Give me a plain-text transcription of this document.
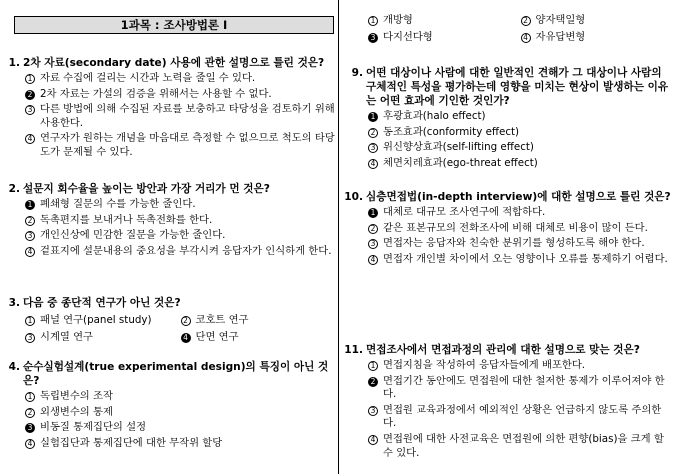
1과목 : 조사방법론 I
1. 2차 자료(secondary date) 사용에 관한 설명으로 틀린 것은?
1 자료 수집에 걸리는 시간과 노력을 줄일 수 있다.
2 2차 자료는 가설의 검증을 위해서는 사용할 수 없다.
3 다른 방법에 의해 수집된 자료를 보충하고 타당성을 검토하기 위해 사용한다.
4 연구자가 원하는 개념을 마음대로 측정할 수 없으므로 척도의 타당도가 문제될 수 있다.
2. 설문지 회수율을 높이는 방안과 가장 거리가 먼 것은?
1 폐쇄형 질문의 수를 가능한 줄인다.
2 독촉편지를 보내거나 독촉전화를 한다.
3 개인신상에 민감한 질문을 가능한 줄인다.
4 겉표지에 설문내용의 중요성을 부각시켜 응답자가 인식하게 한다.
3. 다음 중 종단적 연구가 아닌 것은?
1 패널 연구(panel study)	2 코호트 연구
3 시계열 연구	4 단면 연구
4. 순수실험설계(true experimental design)의 특징이 아닌 것은?
1 독립변수의 조작
2 외생변수의 통제
3 비동질 통제집단의 설정
4 실험집단과 통제집단에 대한 무작위 할당
1 개방형	2 양자택일형
3 다지선다형	4 자유답변형
9. 어떤 대상이나 사람에 대한 일반적인 견해가 그 대상이나 사람의 구체적인 특성을 평가하는데 영향을 미치는 현상이 발생하는 이유는 어떤 효과에 기인한 것인가?
1 후광효과(halo effect)
2 동조효과(conformity effect)
3 위신향상효과(self-lifting effect)
4 체면치레효과(ego-threat effect)
10. 심층면접법(in-depth interview)에 대한 설명으로 틀린 것은?
1 대체로 대규모 조사연구에 적합하다.
2 같은 표본규모의 전화조사에 비해 대체로 비용이 많이 든다.
3 면접자는 응답자와 친숙한 분위기를 형성하도록 해야 한다.
4 면접자 개인별 차이에서 오는 영향이나 오류를 통제하기 어렵다.
11. 면접조사에서 면접과정의 관리에 대한 설명으로 맞는 것은?
1 면접지침을 작성하여 응답자들에게 배포한다.
2 면접기간 동안에도 면접원에 대한 철저한 통제가 이루어져야 한다.
3 면접원 교육과정에서 예외적인 상황은 언급하지 않도록 주의한다.
4 면접원에 대한 사전교육은 면접원에 의한 편향(bias)을 크게 할 수 있다.
